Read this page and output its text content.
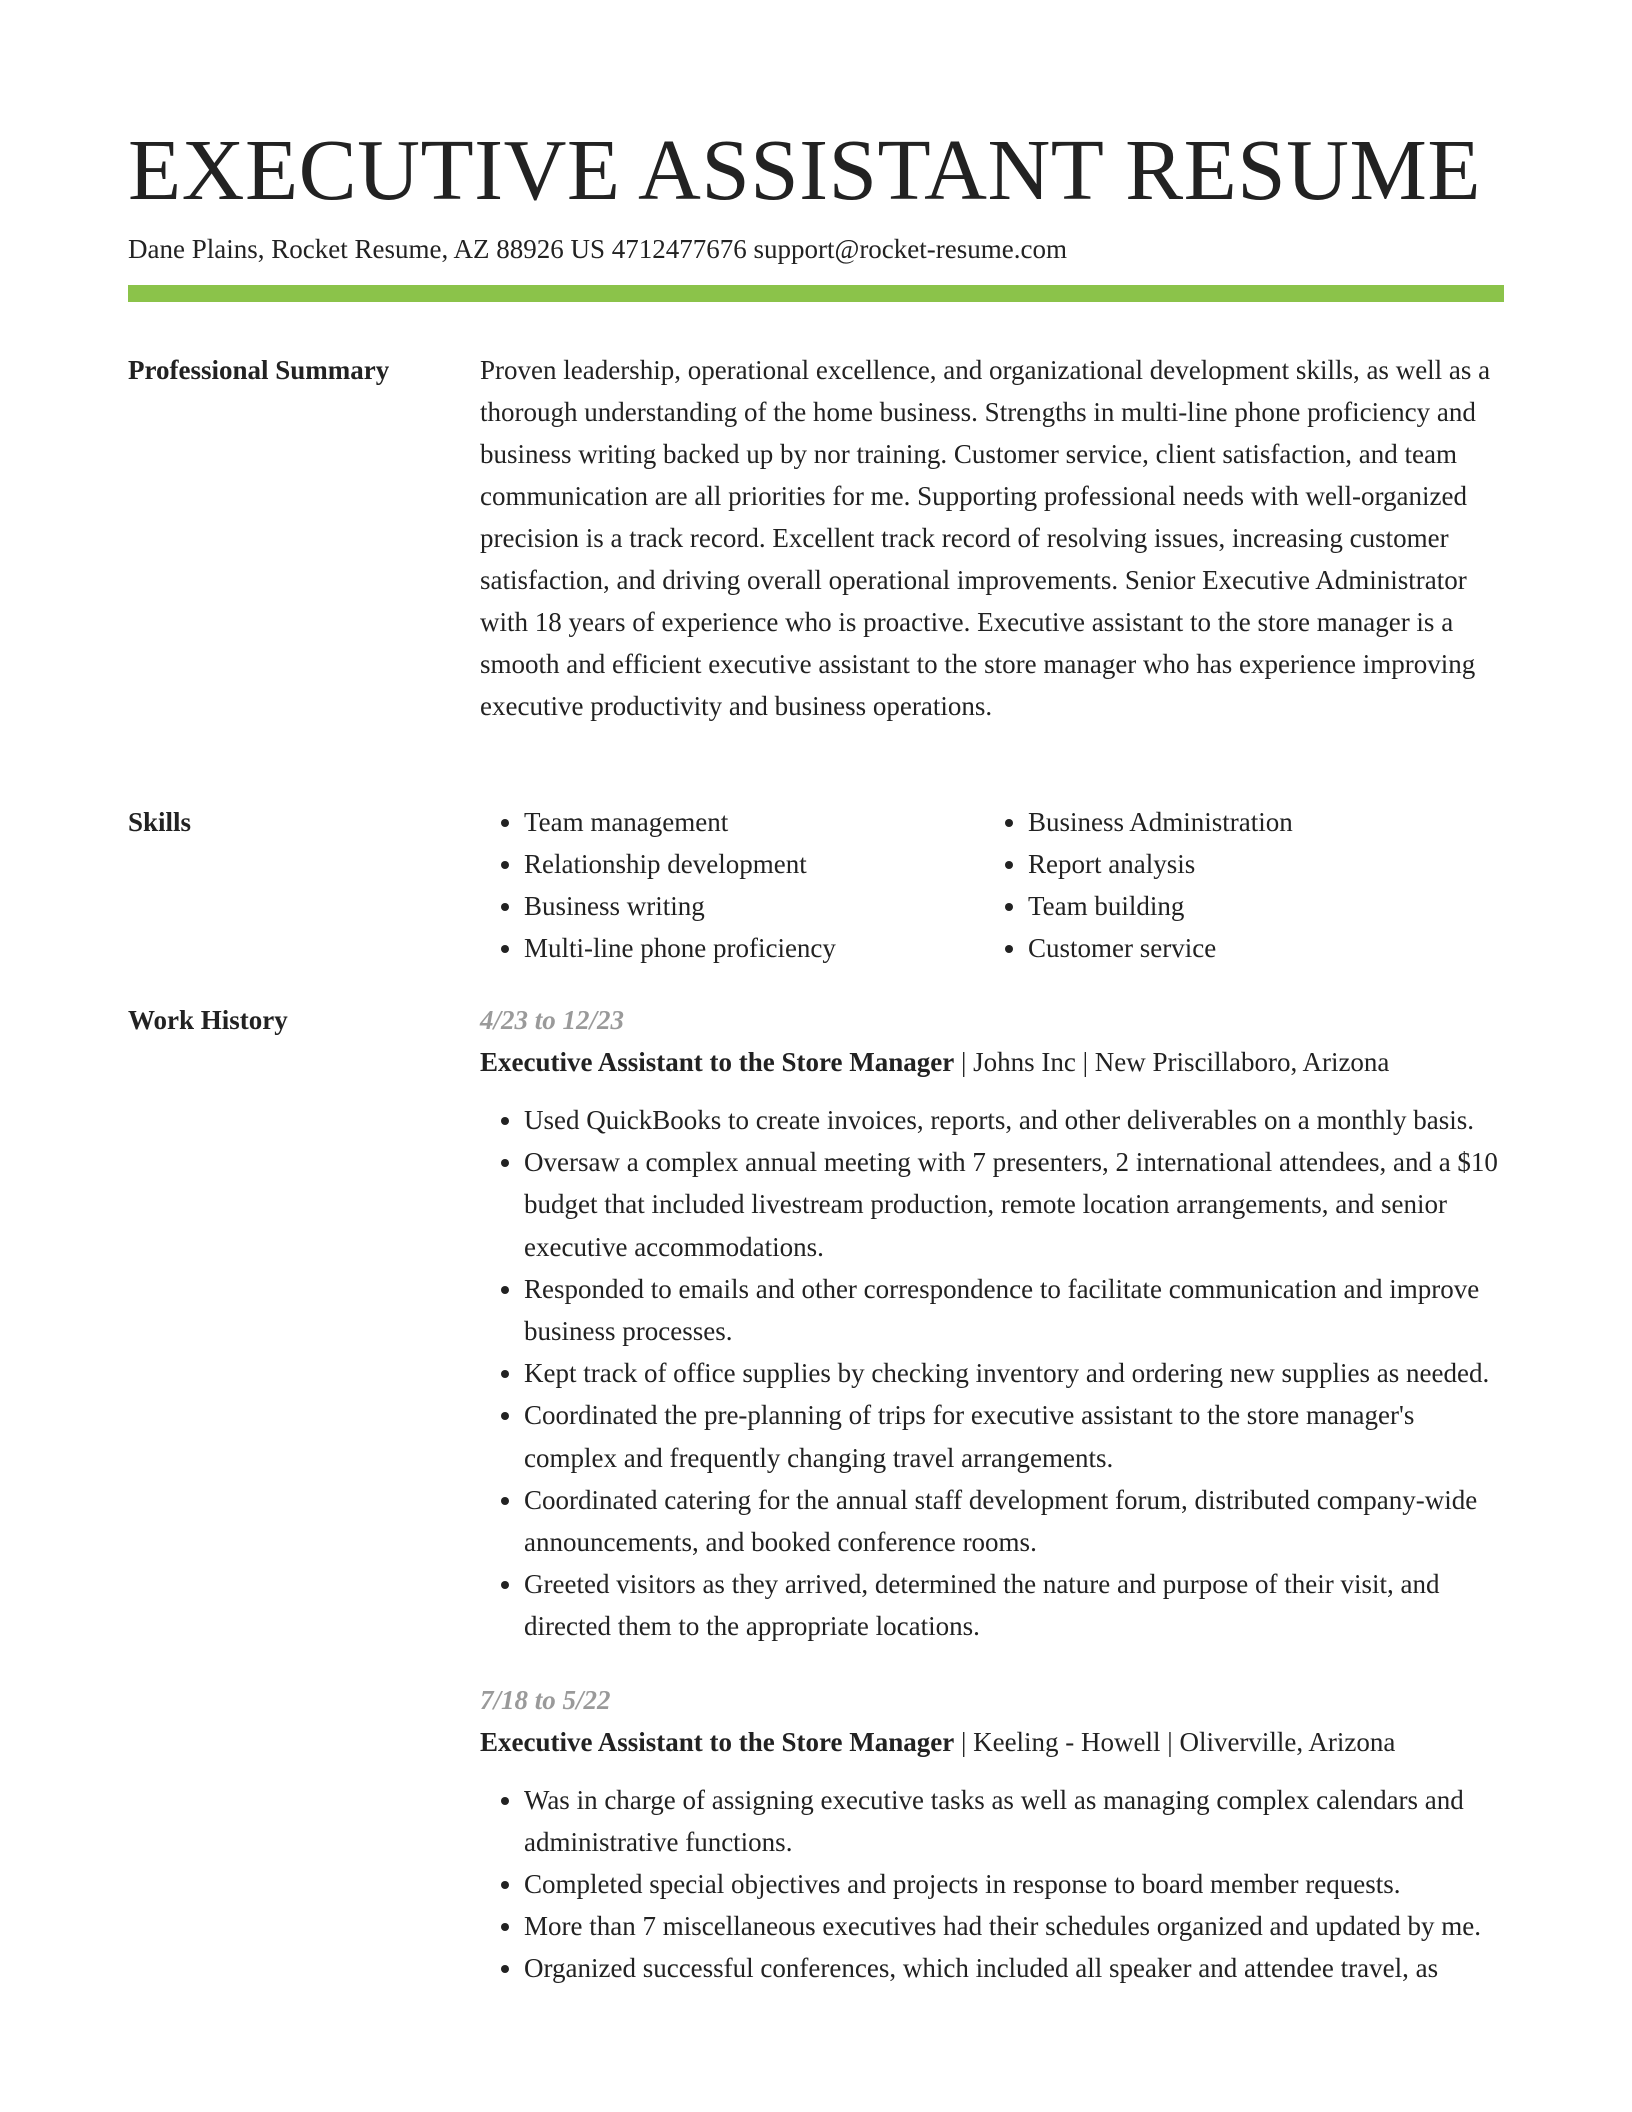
EXECUTIVE ASSISTANT RESUME
Dane Plains, Rocket Resume, AZ 88926 US 4712477676 support@rocket-resume.com
Professional Summary	Proven leadership, operational excellence, and organizational development skills, as well as a thorough understanding of the home business. Strengths in multi-line phone proficiency and business writing backed up by nor training. Customer service, client satisfaction, and team communication are all priorities for me. Supporting professional needs with well-organized precision is a track record. Excellent track record of resolving issues, increasing customer satisfaction, and driving overall operational improvements. Senior Executive Administrator with 18 years of experience who is proactive. Executive assistant to the store manager is a smooth and efficient executive assistant to the store manager who has experience improving executive productivity and business operations.

Skills
•	Team management
• Relationship development
• Business writing
• Multi-line phone proficiency
• Business Administration
• Report analysis
• Team building
• Customer service
Work History	4/23 to 12/23
Executive Assistant to the Store Manager | Johns Inc | New Priscillaboro, Arizona
• Used QuickBooks to create invoices, reports, and other deliverables on a monthly basis.
• Oversaw a complex annual meeting with 7 presenters, 2 international attendees, and a $10 budget that included livestream production, remote location arrangements, and senior executive accommodations.
• Responded to emails and other correspondence to facilitate communication and improve business processes.
• Kept track of office supplies by checking inventory and ordering new supplies as needed.
• Coordinated the pre-planning of trips for executive assistant to the store manager's complex and frequently changing travel arrangements.
• Coordinated catering for the annual staff development forum, distributed company-wide announcements, and booked conference rooms.
• Greeted visitors as they arrived, determined the nature and purpose of their visit, and directed them to the appropriate locations.
7/18 to 5/22
Executive Assistant to the Store Manager | Keeling - Howell | Oliverville, Arizona
• Was in charge of assigning executive tasks as well as managing complex calendars and administrative functions.
• Completed special objectives and projects in response to board member requests.
• More than 7 miscellaneous executives had their schedules organized and updated by me.
• Organized successful conferences, which included all speaker and attendee travel, as
